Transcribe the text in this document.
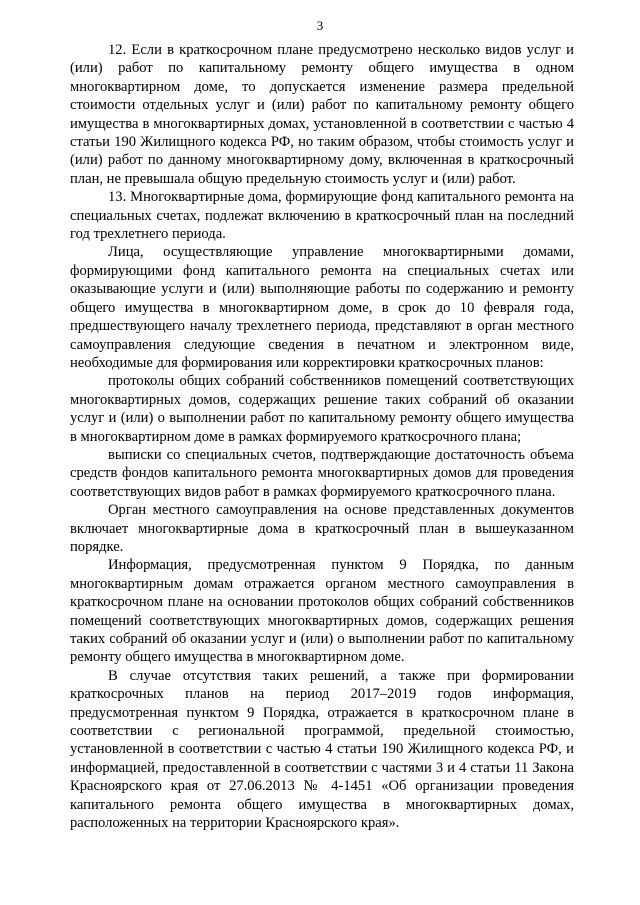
3

12. Если в краткосрочном плане предусмотрено несколько видов услуг и (или) работ по капитальному ремонту общего имущества в одном многоквартирном доме, то допускается изменение размера предельной стоимости отдельных услуг и (или) работ по капитальному ремонту общего имущества в многоквартирных домах, установленной в соответствии с частью 4 статьи 190 Жилищного кодекса РФ, но таким образом, чтобы стоимость услуг и (или) работ по данному многоквартирному дому, включенная в краткосрочный план, не превышала общую предельную стоимость услуг и (или) работ.

13. Многоквартирные дома, формирующие фонд капитального ремонта на специальных счетах, подлежат включению в краткосрочный план на последний год трехлетнего периода.

Лица, осуществляющие управление многоквартирными домами, формирующими фонд капитального ремонта на специальных счетах или оказывающие услуги и (или) выполняющие работы по содержанию и ремонту общего имущества в многоквартирном доме, в срок до 10 февраля года, предшествующего началу трехлетнего периода, представляют в орган местного самоуправления следующие сведения в печатном и электронном виде, необходимые для формирования или корректировки краткосрочных планов:

протоколы общих собраний собственников помещений соответствующих многоквартирных домов, содержащих решение таких собраний об оказании услуг и (или) о выполнении работ по капитальному ремонту общего имущества в многоквартирном доме в рамках формируемого краткосрочного плана;

выписки со специальных счетов, подтверждающие достаточность объема средств фондов капитального ремонта многоквартирных домов для проведения соответствующих видов работ в рамках формируемого краткосрочного плана.

Орган местного самоуправления на основе представленных документов включает многоквартирные дома в краткосрочный план в вышеуказанном порядке.

Информация, предусмотренная пунктом 9 Порядка, по данным многоквартирным домам отражается органом местного самоуправления в краткосрочном плане на основании протоколов общих собраний собственников помещений соответствующих многоквартирных домов, содержащих решения таких собраний об оказании услуг и (или) о выполнении работ по капитальному ремонту общего имущества в многоквартирном доме.

В случае отсутствия таких решений, а также при формировании краткосрочных планов на период 2017–2019 годов информация, предусмотренная пунктом 9 Порядка, отражается в краткосрочном плане в соответствии с региональной программой, предельной стоимостью, установленной в соответствии с частью 4 статьи 190 Жилищного кодекса РФ, и информацией, предоставленной в соответствии с частями 3 и 4 статьи 11 Закона Красноярского края от 27.06.2013 № 4-1451 «Об организации проведения капитального ремонта общего имущества в многоквартирных домах, расположенных на территории Красноярского края».
